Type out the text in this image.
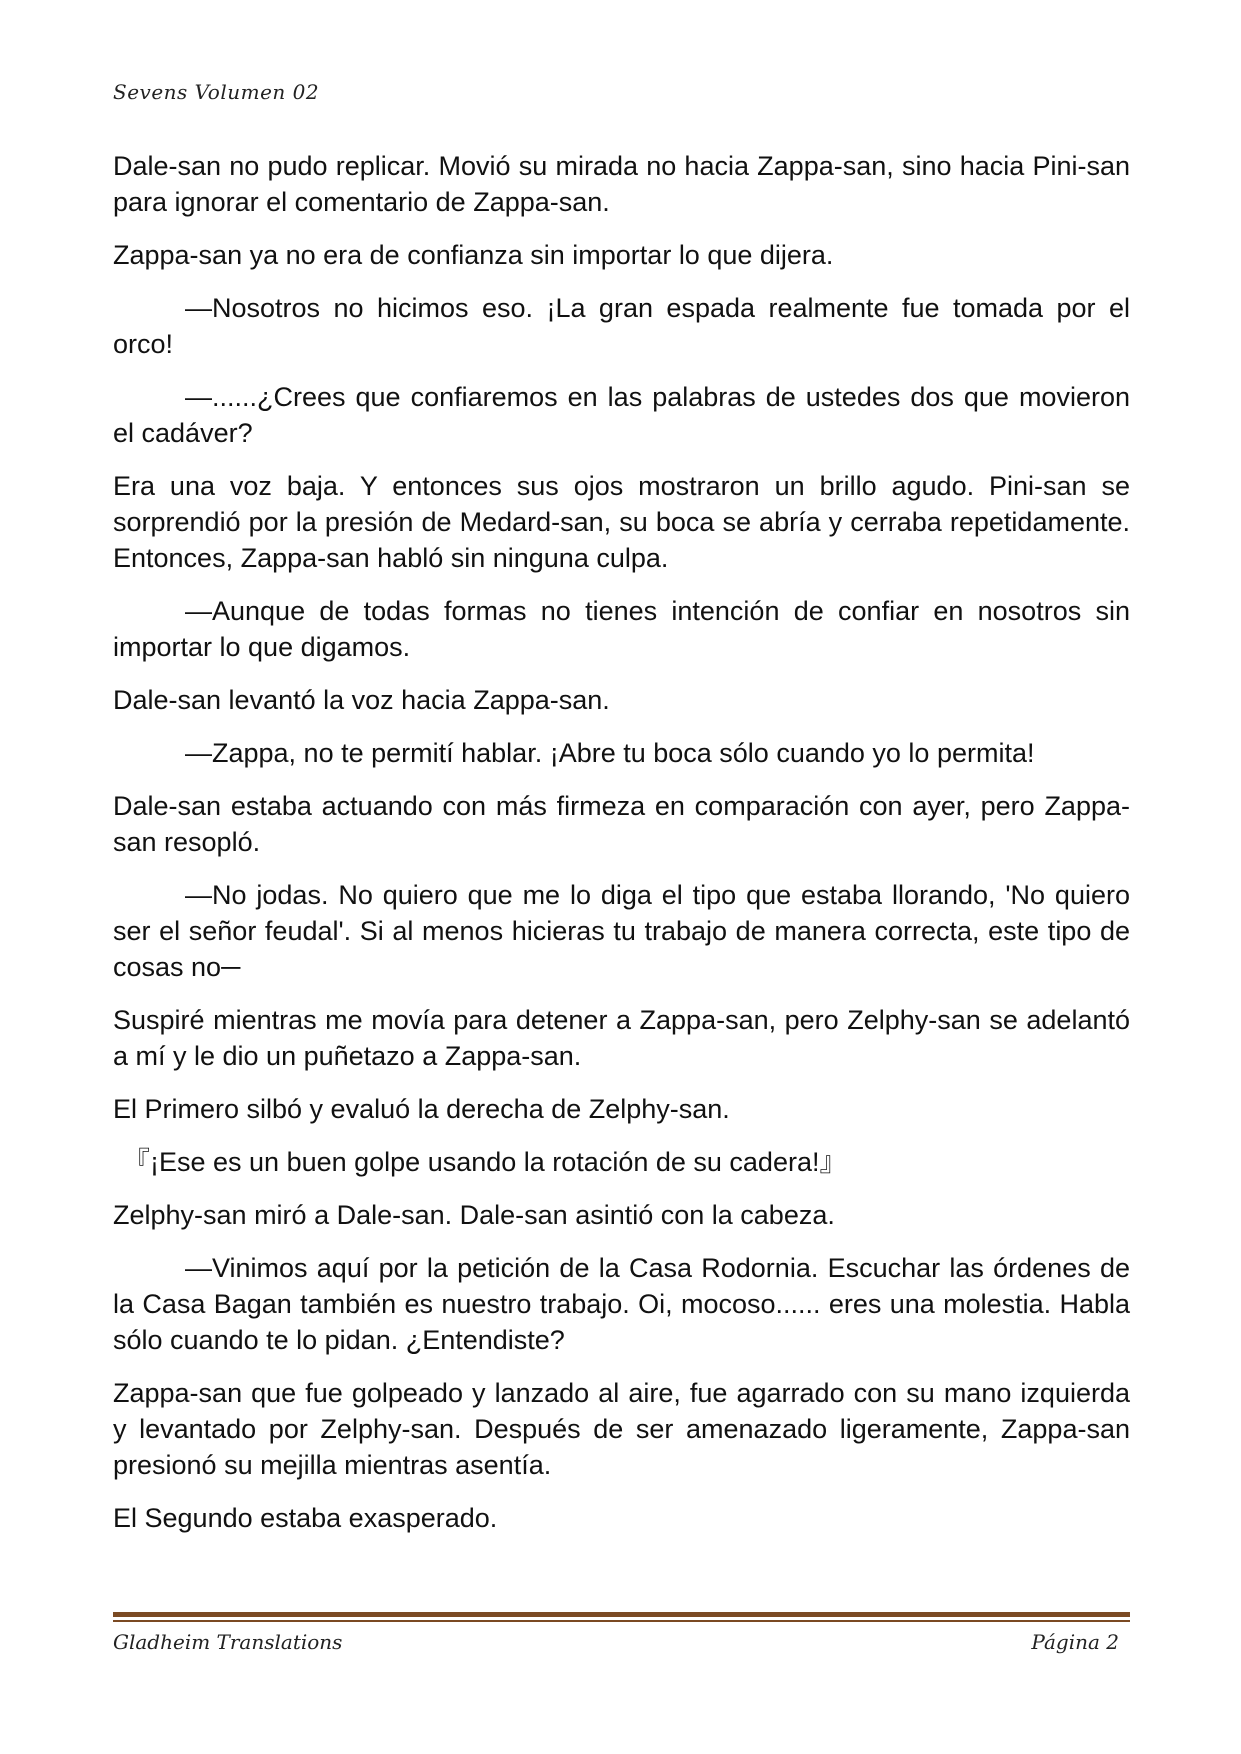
Sevens Volumen 02

Dale-san no pudo replicar. Movió su mirada no hacia Zappa-san, sino hacia Pini-san para ignorar el comentario de Zappa-san.

Zappa-san ya no era de confianza sin importar lo que dijera.

—Nosotros no hicimos eso. ¡La gran espada realmente fue tomada por el orco!

—......¿Crees que confiaremos en las palabras de ustedes dos que movieron el cadáver?

Era una voz baja. Y entonces sus ojos mostraron un brillo agudo. Pini-san se sorprendió por la presión de Medard-san, su boca se abría y cerraba repetidamente. Entonces, Zappa-san habló sin ninguna culpa.

—Aunque de todas formas no tienes intención de confiar en nosotros sin importar lo que digamos.

Dale-san levantó la voz hacia Zappa-san.

—Zappa, no te permití hablar. ¡Abre tu boca sólo cuando yo lo permita!

Dale-san estaba actuando con más firmeza en comparación con ayer, pero Zappa-san resopló.

—No jodas. No quiero que me lo diga el tipo que estaba llorando, 'No quiero ser el señor feudal'. Si al menos hicieras tu trabajo de manera correcta, este tipo de cosas no─

Suspiré mientras me movía para detener a Zappa-san, pero Zelphy-san se adelantó a mí y le dio un puñetazo a Zappa-san.

El Primero silbó y evaluó la derecha de Zelphy-san.

『¡Ese es un buen golpe usando la rotación de su cadera!』

Zelphy-san miró a Dale-san. Dale-san asintió con la cabeza.

—Vinimos aquí por la petición de la Casa Rodornia. Escuchar las órdenes de la Casa Bagan también es nuestro trabajo. Oi, mocoso...... eres una molestia. Habla sólo cuando te lo pidan. ¿Entendiste?

Zappa-san que fue golpeado y lanzado al aire, fue agarrado con su mano izquierda y levantado por Zelphy-san. Después de ser amenazado ligeramente, Zappa-san presionó su mejilla mientras asentía.

El Segundo estaba exasperado.

Gladheim Translations	Página 2
